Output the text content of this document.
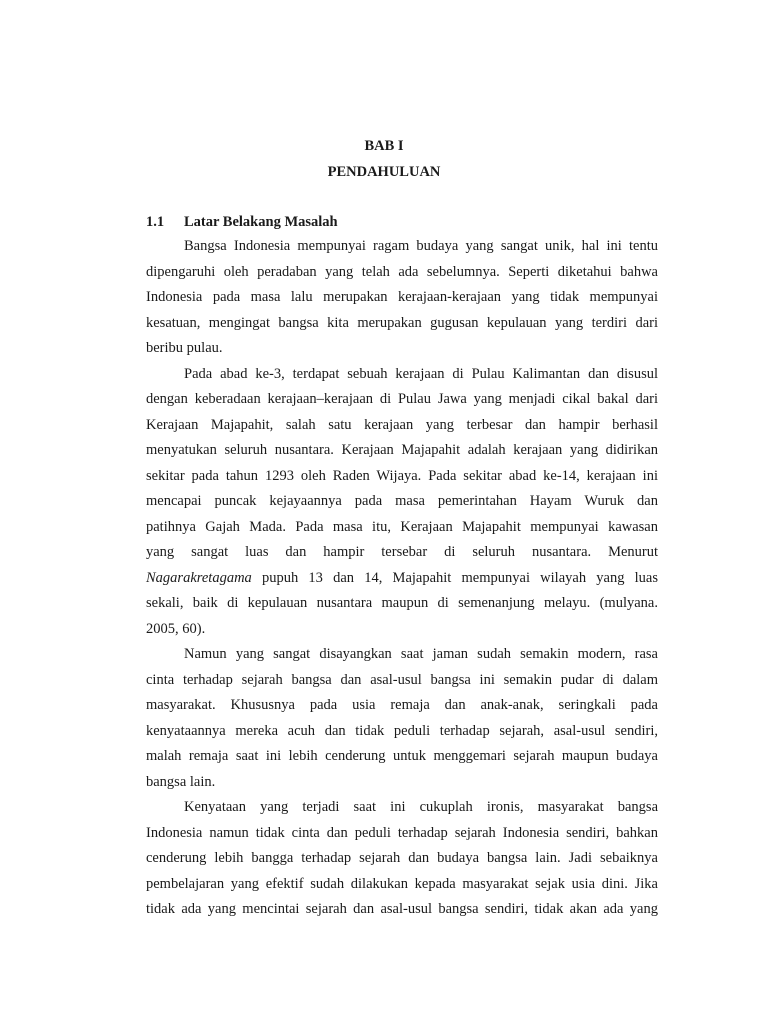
BAB I
PENDAHULUAN
1.1 Latar Belakang Masalah

Bangsa Indonesia mempunyai ragam budaya yang sangat unik, hal ini tentu
dipengaruhi oleh peradaban yang telah ada sebelumnya. Seperti diketahui bahwa
Indonesia pada masa lalu merupakan kerajaan-kerajaan yang tidak mempunyai
kesatuan, mengingat bangsa kita merupakan gugusan kepulauan yang terdiri dari
beribu pulau.

Pada abad ke-3, terdapat sebuah kerajaan di Pulau Kalimantan dan disusul
dengan keberadaan kerajaan–kerajaan di Pulau Jawa yang menjadi cikal bakal dari
Kerajaan Majapahit, salah satu kerajaan yang terbesar dan hampir berhasil
menyatukan seluruh nusantara. Kerajaan Majapahit adalah kerajaan yang didirikan
sekitar pada tahun 1293 oleh Raden Wijaya. Pada sekitar abad ke-14, kerajaan ini
mencapai puncak kejayaannya pada masa pemerintahan Hayam Wuruk dan
patihnya Gajah Mada. Pada masa itu, Kerajaan Majapahit mempunyai kawasan
yang sangat luas dan hampir tersebar di seluruh nusantara. Menurut
Nagarakretagama pupuh 13 dan 14, Majapahit mempunyai wilayah yang luas
sekali, baik di kepulauan nusantara maupun di semenanjung melayu. (mulyana.
2005, 60).

Namun yang sangat disayangkan saat jaman sudah semakin modern, rasa
cinta terhadap sejarah bangsa dan asal-usul bangsa ini semakin pudar di dalam
masyarakat. Khususnya pada usia remaja dan anak-anak, seringkali pada
kenyataannya mereka acuh dan tidak peduli terhadap sejarah, asal-usul sendiri,
malah remaja saat ini lebih cenderung untuk menggemari sejarah maupun budaya
bangsa lain.

Kenyataan yang terjadi saat ini cukuplah ironis, masyarakat bangsa
Indonesia namun tidak cinta dan peduli terhadap sejarah Indonesia sendiri, bahkan
cenderung lebih bangga terhadap sejarah dan budaya bangsa lain. Jadi sebaiknya
pembelajaran yang efektif sudah dilakukan kepada masyarakat sejak usia dini. Jika
tidak ada yang mencintai sejarah dan asal-usul bangsa sendiri, tidak akan ada yang
